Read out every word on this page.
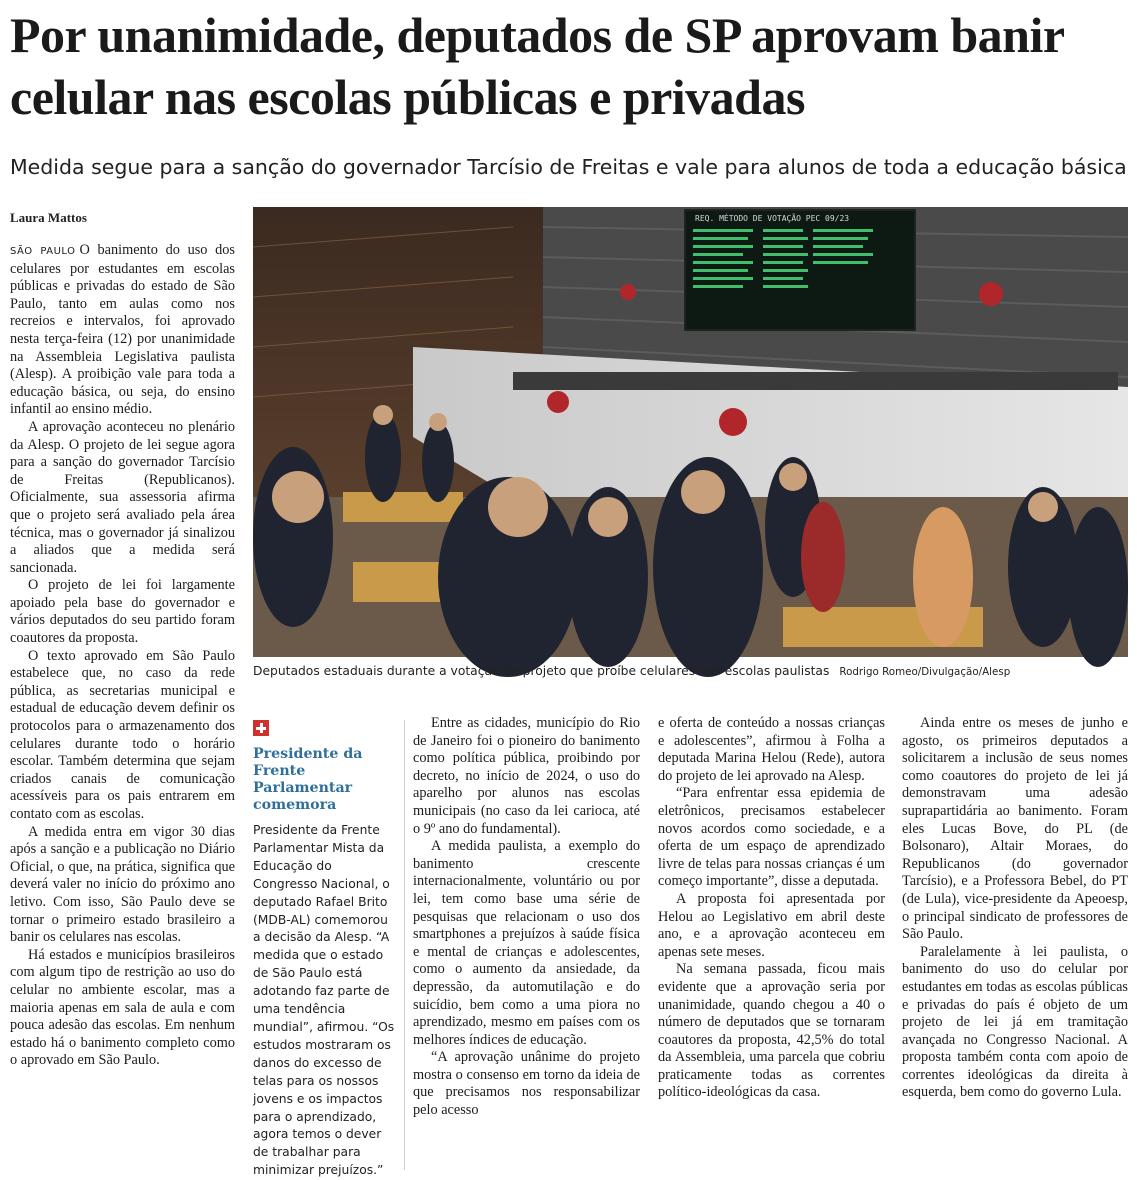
Por unanimidade, deputados de SP aprovam banir celular nas escolas públicas e privadas
Medida segue para a sanção do governador Tarcísio de Freitas e vale para alunos de toda a educação básica
Laura Mattos

SÃO PAULO O banimento do uso dos celulares por estudantes em escolas públicas e privadas do estado de São Paulo, tanto em aulas como nos recreios e intervalos, foi aprovado nesta terça-feira (12) por unanimidade na Assembleia Legislativa paulista (Alesp). A proibição vale para toda a educação básica, ou seja, do ensino infantil ao ensino médio.

A aprovação aconteceu no plenário da Alesp. O projeto de lei segue agora para a sanção do governador Tarcísio de Freitas (Republicanos). Oficialmente, sua assessoria afirma que o projeto será avaliado pela área técnica, mas o governador já sinalizou a aliados que a medida será sancionada.

O projeto de lei foi largamente apoiado pela base do governador e vários deputados do seu partido foram coautores da proposta.

O texto aprovado em São Paulo estabelece que, no caso da rede pública, as secretarias municipal e estadual de educação devem definir os protocolos para o armazenamento dos celulares durante todo o horário escolar. Também determina que sejam criados canais de comunicação acessíveis para os pais entrarem em contato com as escolas.

A medida entra em vigor 30 dias após a sanção e a publicação no Diário Oficial, o que, na prática, significa que deverá valer no início do próximo ano letivo. Com isso, São Paulo deve se tornar o primeiro estado brasileiro a banir os celulares nas escolas.

Há estados e municípios brasileiros com algum tipo de restrição ao uso do celular no ambiente escolar, mas a maioria apenas em sala de aula e com pouca adesão das escolas. Em nenhum estado há o banimento completo como o aprovado em São Paulo.

REQ. MÉTODO DE VOTAÇÃO PEC 09/23
Deputados estaduais durante a votação do projeto que proíbe celulares nas escolas paulistas Rodrigo Romeo/Divulgação/Alesp
Presidente da Frente Parlamentar comemora
Presidente da Frente Parlamentar Mista da Educação do Congresso Nacional, o deputado Rafael Brito (MDB-AL) comemorou a decisão da Alesp. “A medida que o estado de São Paulo está adotando faz parte de uma tendência mundial”, afirmou. “Os estudos mostraram os danos do excesso de telas para os nossos jovens e os impactos para o aprendizado, agora temos o dever de trabalhar para minimizar prejuízos.”

Entre as cidades, município do Rio de Janeiro foi o pioneiro do banimento como política pública, proibindo por decreto, no início de 2024, o uso do aparelho por alunos nas escolas municipais (no caso da lei carioca, até o 9º ano do fundamental).

A medida paulista, a exemplo do banimento crescente internacionalmente, voluntário ou por lei, tem como base uma série de pesquisas que relacionam o uso dos smartphones a prejuízos à saúde física e mental de crianças e adolescentes, como o aumento da ansiedade, da depressão, da automutilação e do suicídio, bem como a uma piora no aprendizado, mesmo em países com os melhores índices de educação.

“A aprovação unânime do projeto mostra o consenso em torno da ideia de que precisamos nos responsabilizar pelo acesso

e oferta de conteúdo a nossas crianças e adolescentes”, afirmou à Folha a deputada Marina Helou (Rede), autora do projeto de lei aprovado na Alesp.

“Para enfrentar essa epidemia de eletrônicos, precisamos estabelecer novos acordos como sociedade, e a oferta de um espaço de aprendizado livre de telas para nossas crianças é um começo importante”, disse a deputada.

A proposta foi apresentada por Helou ao Legislativo em abril deste ano, e a aprovação aconteceu em apenas sete meses.

Na semana passada, ficou mais evidente que a aprovação seria por unanimidade, quando chegou a 40 o número de deputados que se tornaram coautores da proposta, 42,5% do total da Assembleia, uma parcela que cobriu praticamente todas as correntes político-ideológicas da casa.

Ainda entre os meses de junho e agosto, os primeiros deputados a solicitarem a inclusão de seus nomes como coautores do projeto de lei já demonstravam uma adesão suprapartidária ao banimento. Foram eles Lucas Bove, do PL (de Bolsonaro), Altair Moraes, do Republicanos (do governador Tarcísio), e a Professora Bebel, do PT (de Lula), vice-presidente da Apeoesp, o principal sindicato de professores de São Paulo.

Paralelamente à lei paulista, o banimento do uso do celular por estudantes em todas as escolas públicas e privadas do país é objeto de um projeto de lei já em tramitação avançada no Congresso Nacional. A proposta também conta com apoio de correntes ideológicas da direita à esquerda, bem como do governo Lula.
